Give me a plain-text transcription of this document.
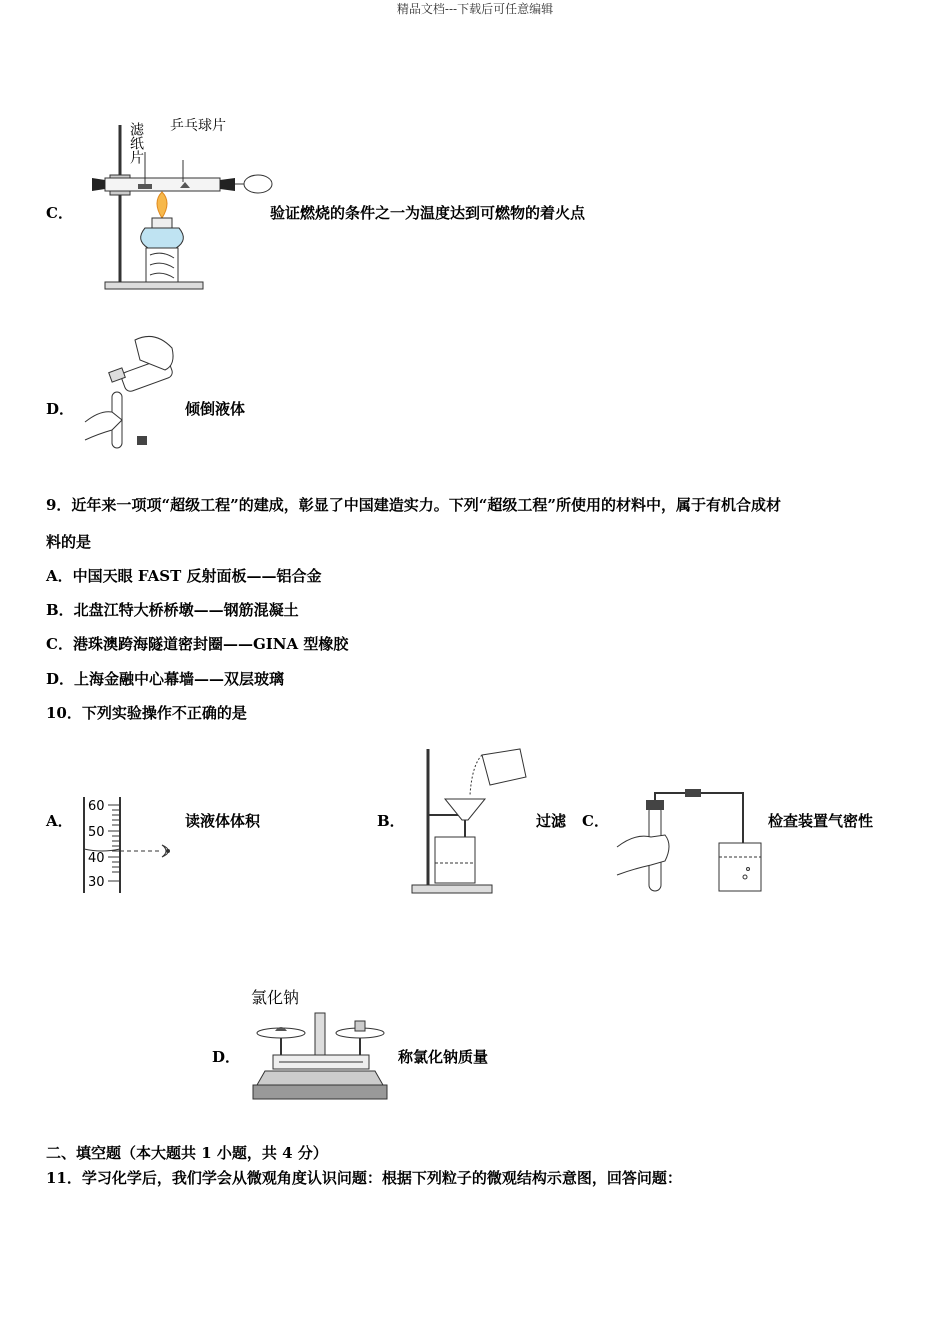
精品文档---下载后可任意编辑
C．
滤纸片 乒乓球片
验证燃烧的条件之一为温度达到可燃物的着火点
D．	倾倒液体
9．近年来一项项“超级工程”的建成，彰显了中国建造实力。下列“超级工程”所使用的材料中，属于有机合成材
料的是
A．中国天眼 FAST 反射面板——铝合金
B．北盘江特大桥桥墩——钢筋混凝土
C．港珠澳跨海隧道密封圈——GINA 型橡胶
D．上海金融中心幕墙——双层玻璃
10．下列实验操作不正确的是
A．
60
50
40
30
读液体体积	B．	过滤 C．	检查装置气密性
D．
氯化钠
称氯化钠质量
二、填空题（本大题共 1 小题，共 4 分）
11．学习化学后，我们学会从微观角度认识问题：根据下列粒子的微观结构示意图，回答问题：
